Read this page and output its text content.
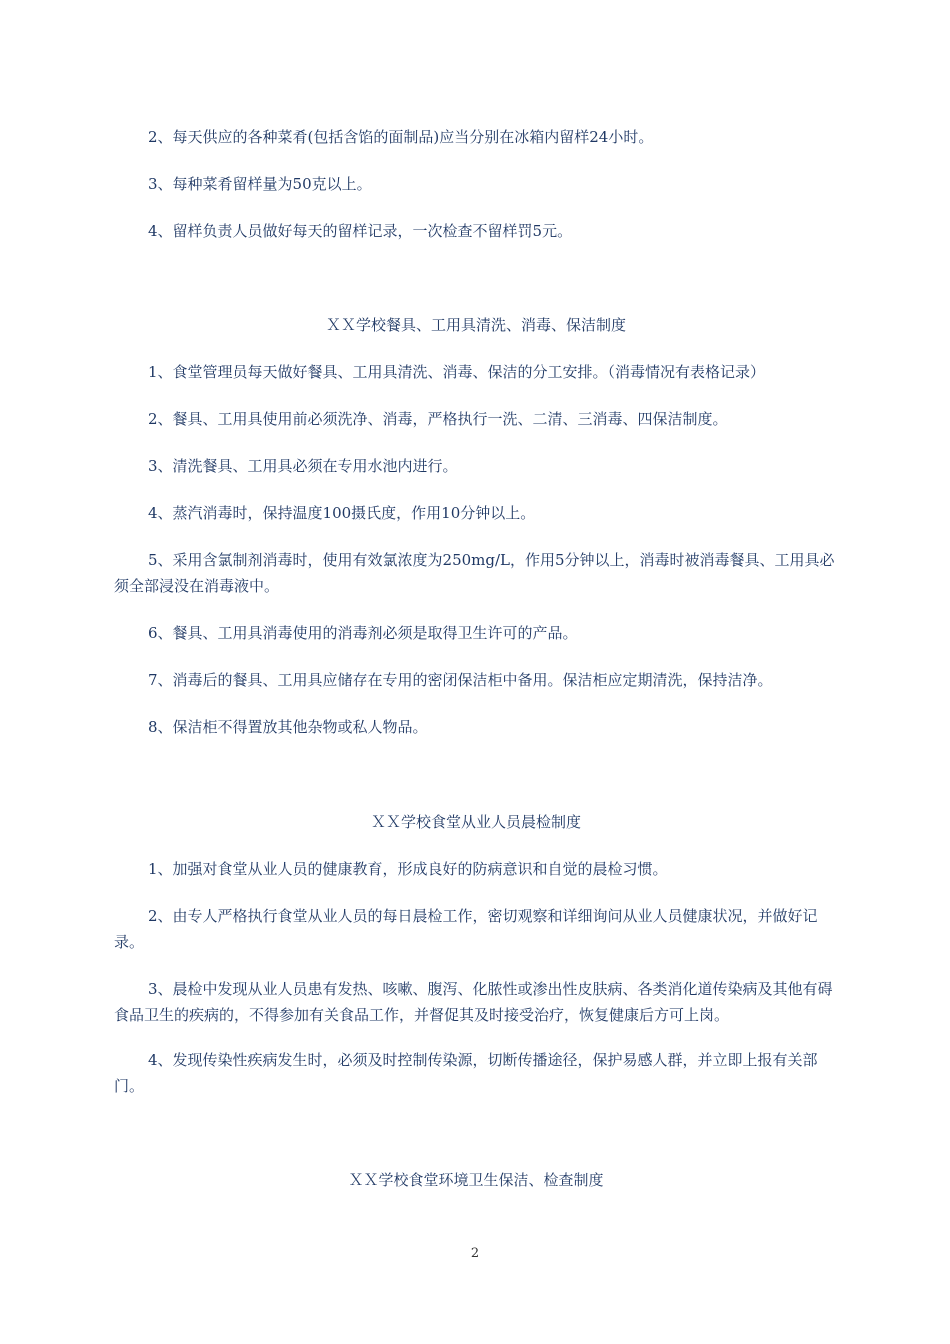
2、每天供应的各种菜肴(包括含馅的面制品)应当分别在冰箱内留样24小时。

3、每种菜肴留样量为50克以上。

4、留样负责人员做好每天的留样记录，一次检查不留样罚5元。

ＸＸ学校餐具、工用具清洗、消毒、保洁制度

1、食堂管理员每天做好餐具、工用具清洗、消毒、保洁的分工安排。（消毒情况有表格记录）

2、餐具、工用具使用前必须洗净、消毒，严格执行一洗、二清、三消毒、四保洁制度。

3、清洗餐具、工用具必须在专用水池内进行。

4、蒸汽消毒时，保持温度100摄氏度，作用10分钟以上。

5、采用含氯制剂消毒时，使用有效氯浓度为250mg/L，作用5分钟以上，消毒时被消毒餐具、工用具必须全部浸没在消毒液中。

6、餐具、工用具消毒使用的消毒剂必须是取得卫生许可的产品。

7、消毒后的餐具、工用具应储存在专用的密闭保洁柜中备用。保洁柜应定期清洗，保持洁净。

8、保洁柜不得置放其他杂物或私人物品。

ＸＸ学校食堂从业人员晨检制度

1、加强对食堂从业人员的健康教育，形成良好的防病意识和自觉的晨检习惯。

2、由专人严格执行食堂从业人员的每日晨检工作，密切观察和详细询问从业人员健康状况，并做好记录。

3、晨检中发现从业人员患有发热、咳嗽、腹泻、化脓性或渗出性皮肤病、各类消化道传染病及其他有碍食品卫生的疾病的，不得参加有关食品工作，并督促其及时接受治疗，恢复健康后方可上岗。

4、发现传染性疾病发生时，必须及时控制传染源，切断传播途径，保护易感人群，并立即上报有关部门。

ＸＸ学校食堂环境卫生保洁、检查制度
2
